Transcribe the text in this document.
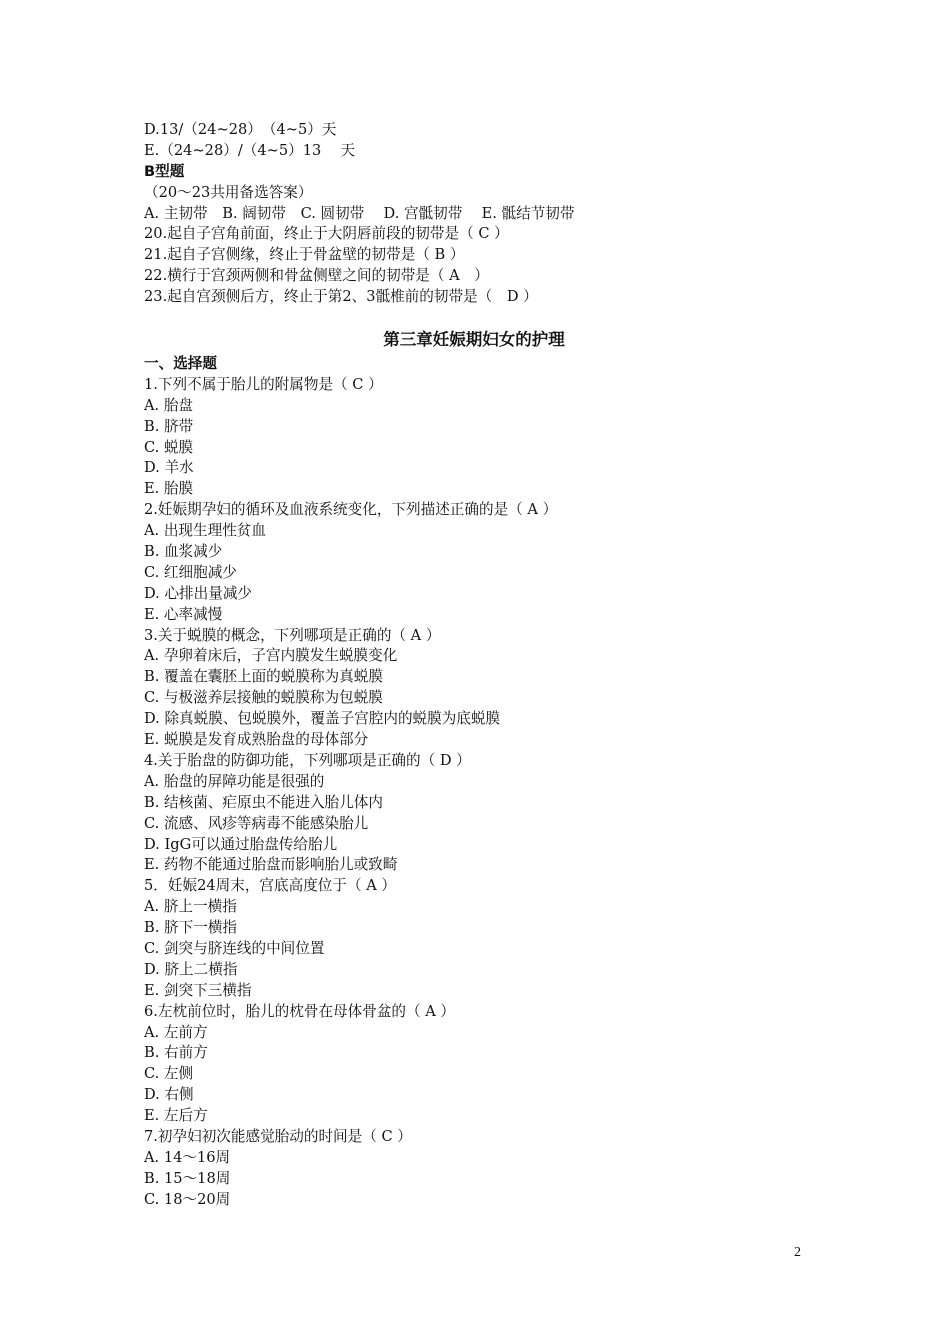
D.13/（24~28）　（4~5）天
E.（24~28）/（4~5）13　 天
B型题
（20～23共用备选答案）
A. 主韧带　B. 阔韧带　C. 圆韧带　 D. 宫骶韧带　 E. 骶结节韧带
20.起自子宫角前面，终止于大阴唇前段的韧带是（ C ）
21.起自子宫侧缘，终止于骨盆壁的韧带是（ B ）
22.横行于宫颈两侧和骨盆侧壁之间的韧带是（ A　）
23.起自宫颈侧后方，终止于第2、3骶椎前的韧带是（　D ）
第三章妊娠期妇女的护理
一、选择题
1.下列不属于胎儿的附属物是（ C ）
A. 胎盘
B. 脐带
C. 蜕膜
D. 羊水
E. 胎膜
2.妊娠期孕妇的循环及血液系统变化，下列描述正确的是（ A ）
A. 出现生理性贫血
B. 血浆减少
C. 红细胞减少
D. 心排出量减少
E. 心率减慢
3.关于蜕膜的概念，下列哪项是正确的（ A ）
A. 孕卵着床后，子宫内膜发生蜕膜变化
B. 覆盖在囊胚上面的蜕膜称为真蜕膜
C. 与极滋养层接触的蜕膜称为包蜕膜
D. 除真蜕膜、包蜕膜外，覆盖子宫腔内的蜕膜为底蜕膜
E. 蜕膜是发育成熟胎盘的母体部分
4.关于胎盘的防御功能，下列哪项是正确的（ D ）
A. 胎盘的屏障功能是很强的
B. 结核菌、疟原虫不能进入胎儿体内
C. 流感、风疹等病毒不能感染胎儿
D. IgG可以通过胎盘传给胎儿
E. 药物不能通过胎盘而影响胎儿或致畸
5．妊娠24周末，宫底高度位于（ A ）
A. 脐上一横指
B. 脐下一横指
C. 剑突与脐连线的中间位置
D. 脐上二横指
E. 剑突下三横指
6.左枕前位时，胎儿的枕骨在母体骨盆的（ A ）
A. 左前方
B. 右前方
C. 左侧
D. 右侧
E. 左后方
7.初孕妇初次能感觉胎动的时间是（ C ）
A. 14～16周
B. 15～18周
C. 18～20周
2
